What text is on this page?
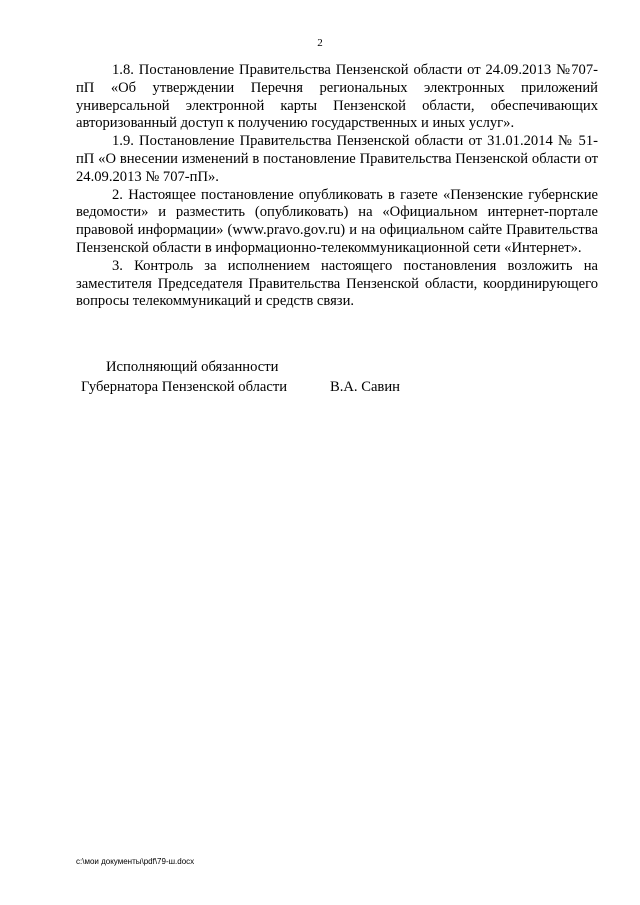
2

1.8. Постановление Правительства Пензенской области от 24.09.2013 №707-пП «Об утверждении Перечня региональных электронных приложений универсальной электронной карты Пензенской области, обеспечивающих авторизованный доступ к получению государственных и иных услуг».

1.9. Постановление Правительства Пензенской области от 31.01.2014 № 51-пП «О внесении изменений в постановление Правительства Пензенской области от 24.09.2013 № 707-пП».

2. Настоящее постановление опубликовать в газете «Пензенские губернские ведомости» и разместить (опубликовать) на «Официальном интернет-портале правовой информации» (www.pravo.gov.ru) и на официальном сайте Правительства Пензенской области в информационно-телекоммуникационной сети «Интернет».

3. Контроль за исполнением настоящего постановления возложить на заместителя Председателя Правительства Пензенской области, координирующего вопросы телекоммуникаций и средств связи.

Исполняющий обязанности
Губернатора Пензенской области	В.А. Савин
c:\мои документы\pdf\79-ш.docx
